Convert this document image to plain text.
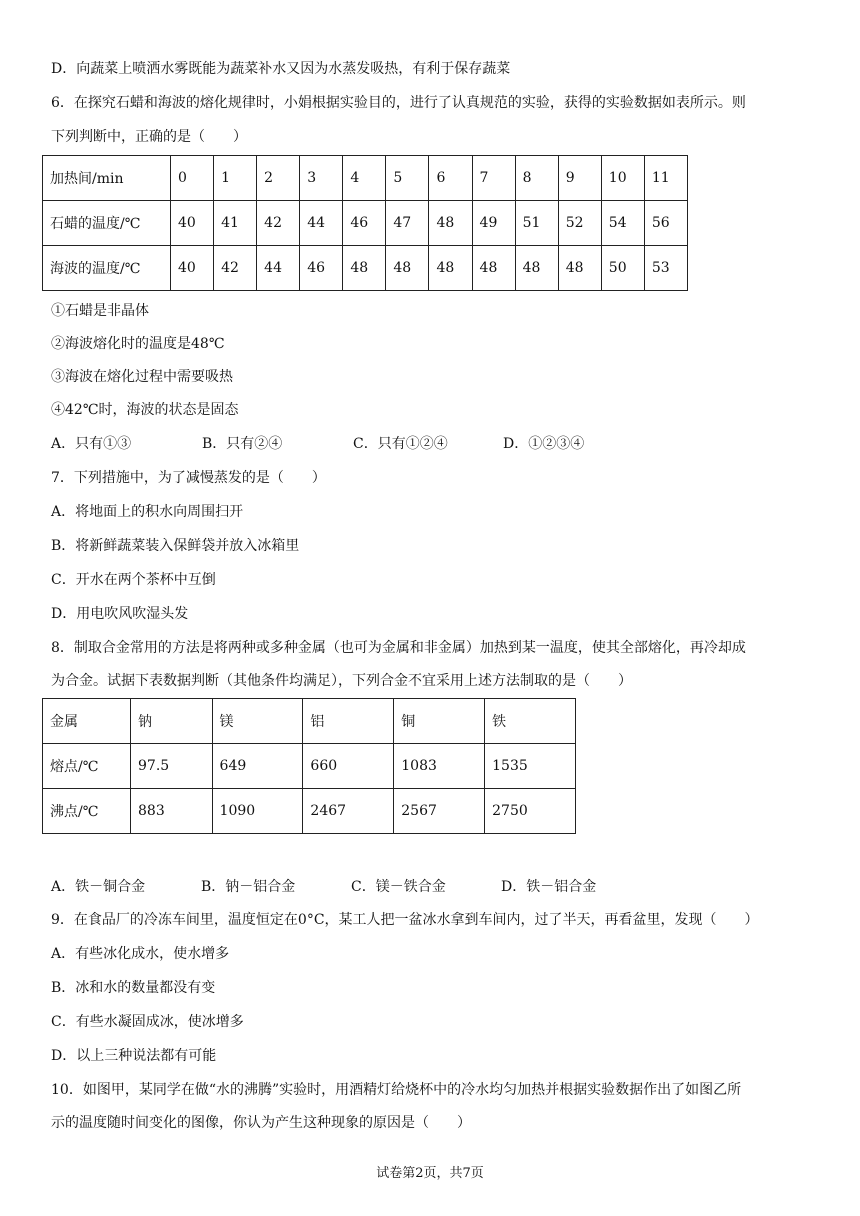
D．向蔬菜上喷洒水雾既能为蔬菜补水又因为水蒸发吸热，有利于保存蔬菜
6．在探究石蜡和海波的熔化规律时，小娟根据实验目的，进行了认真规范的实验，获得的实验数据如表所示。则
下列判断中，正确的是（　　）
加热间/min	0	1	2	3	4	5	6	7	8	9	10	11
石蜡的温度/℃	40	41	42	44	46	47	48	49	51	52	54	56
海波的温度/℃	40	42	44	46	48	48	48	48	48	48	50	53
①石蜡是非晶体
②海波熔化时的温度是48℃
③海波在熔化过程中需要吸热
④42℃时，海波的状态是固态
A．只有①③	B．只有②④	C．只有①②④	D．①②③④
7．下列措施中，为了减慢蒸发的是（　　）
A．将地面上的积水向周围扫开
B．将新鲜蔬菜装入保鲜袋并放入冰箱里
C．开水在两个茶杯中互倒
D．用电吹风吹湿头发
8．制取合金常用的方法是将两种或多种金属（也可为金属和非金属）加热到某一温度，使其全部熔化，再冷却成
为合金。试据下表数据判断（其他条件均满足），下列合金不宜采用上述方法制取的是（　　）
金属	钠	镁	铝	铜	铁
熔点/℃	97.5	649	660	1083	1535
沸点/℃	883	1090	2467	2567	2750
A．铁－铜合金	B．钠－铝合金	C．镁－铁合金	D．铁－铝合金
9．在食品厂的冷冻车间里，温度恒定在0°C，某工人把一盆冰水拿到车间内，过了半天，再看盆里，发现（　　）
A．有些冰化成水，使水增多
B．冰和水的数量都没有变
C．有些水凝固成冰，使冰增多
D．以上三种说法都有可能
10．如图甲，某同学在做“水的沸腾”实验时，用酒精灯给烧杯中的冷水均匀加热并根据实验数据作出了如图乙所
示的温度随时间变化的图像，你认为产生这种现象的原因是（　　）
试卷第2页，共7页
